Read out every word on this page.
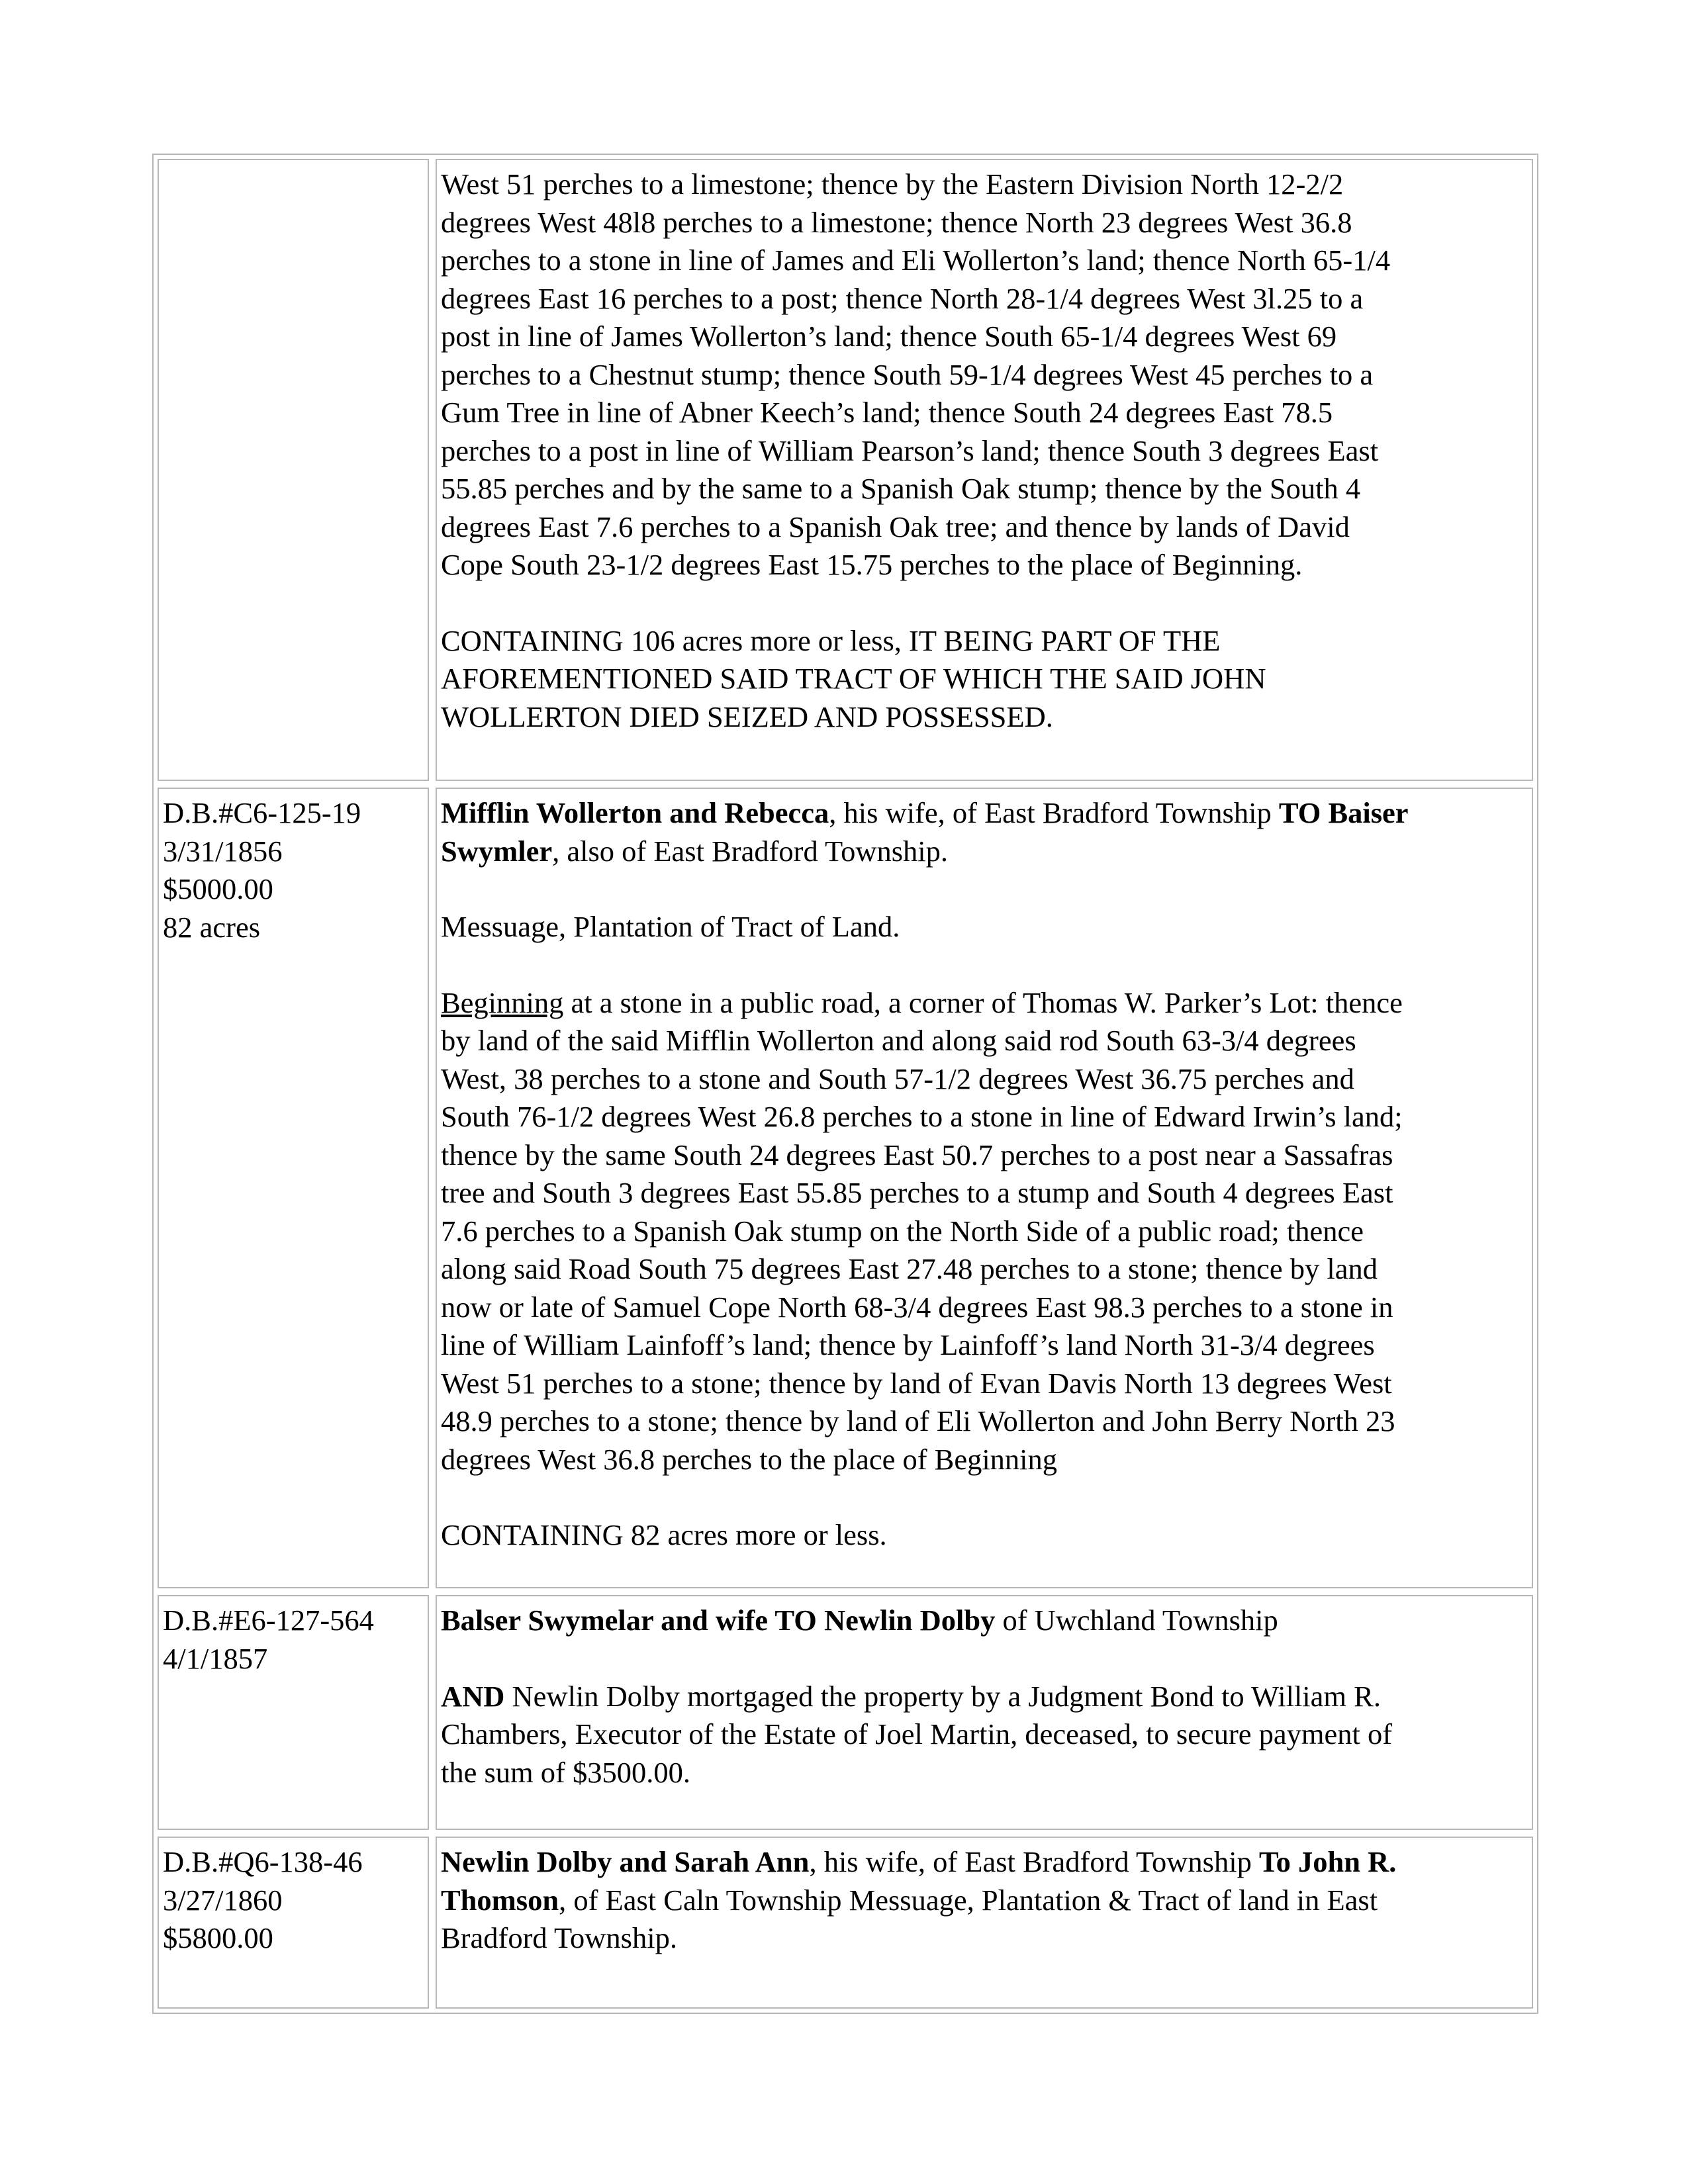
West 51 perches to a limestone; thence by the Eastern Division North 12-2/2
degrees West 48l8 perches to a limestone; thence North 23 degrees West 36.8
perches to a stone in line of James and Eli Wollerton’s land; thence North 65-1/4
degrees East 16 perches to a post; thence North 28-1/4 degrees West 3l.25 to a
post in line of James Wollerton’s land; thence South 65-1/4 degrees West 69
perches to a Chestnut stump; thence South 59-1/4 degrees West 45 perches to a
Gum Tree in line of Abner Keech’s land; thence South 24 degrees East 78.5
perches to a post in line of William Pearson’s land; thence South 3 degrees East
55.85 perches and by the same to a Spanish Oak stump; thence by the South 4
degrees East 7.6 perches to a Spanish Oak tree; and thence by lands of David
Cope South 23-1/2 degrees East 15.75 perches to the place of Beginning.

CONTAINING 106 acres more or less, IT BEING PART OF THE
AFOREMENTIONED SAID TRACT OF WHICH THE SAID JOHN
WOLLERTON DIED SEIZED AND POSSESSED.

D.B.#C6-125-19
3/31/1856
$5000.00
82 acres

Mifflin Wollerton and Rebecca, his wife, of East Bradford Township TO Baiser
Swymler, also of East Bradford Township.

Messuage, Plantation of Tract of Land.

Beginning at a stone in a public road, a corner of Thomas W. Parker’s Lot: thence
by land of the said Mifflin Wollerton and along said rod South 63-3/4 degrees
West, 38 perches to a stone and South 57-1/2 degrees West 36.75 perches and
South 76-1/2 degrees West 26.8 perches to a stone in line of Edward Irwin’s land;
thence by the same South 24 degrees East 50.7 perches to a post near a Sassafras
tree and South 3 degrees East 55.85 perches to a stump and South 4 degrees East
7.6 perches to a Spanish Oak stump on the North Side of a public road; thence
along said Road South 75 degrees East 27.48 perches to a stone; thence by land
now or late of Samuel Cope North 68-3/4 degrees East 98.3 perches to a stone in
line of William Lainfoff’s land; thence by Lainfoff’s land North 31-3/4 degrees
West 51 perches to a stone; thence by land of Evan Davis North 13 degrees West
48.9 perches to a stone; thence by land of Eli Wollerton and John Berry North 23
degrees West 36.8 perches to the place of Beginning

CONTAINING 82 acres more or less.

D.B.#E6-127-564
4/1/1857

Balser Swymelar and wife TO Newlin Dolby of Uwchland Township

AND Newlin Dolby mortgaged the property by a Judgment Bond to William R.
Chambers, Executor of the Estate of Joel Martin, deceased, to secure payment of
the sum of $3500.00.

D.B.#Q6-138-46
3/27/1860
$5800.00

Newlin Dolby and Sarah Ann, his wife, of East Bradford Township To John R.
Thomson, of East Caln Township Messuage, Plantation & Tract of land in East
Bradford Township.
